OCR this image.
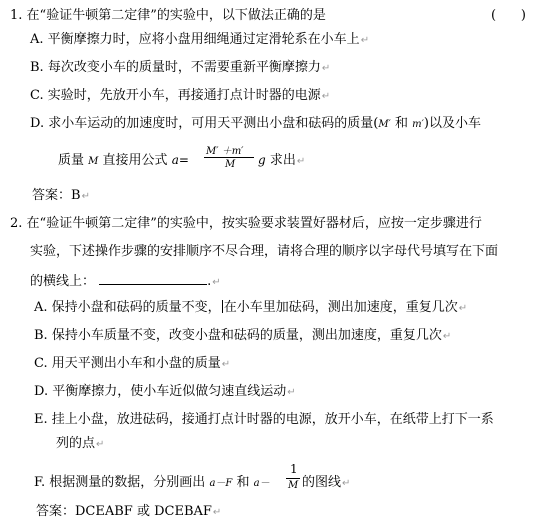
1. 在“验证牛顿第二定律”的实验中，以下做法正确的是	(      )
A. 平衡摩擦力时，应将小盘用细绳通过定滑轮系在小车上↵
B. 每次改变小车的质量时，不需要重新平衡摩擦力↵
C. 实验时，先放开小车，再接通打点计时器的电源↵
D. 求小车运动的加速度时，可用天平测出小盘和砝码的质量(M′ 和 m′)以及小车
质量 M 直接用公式 a=
M′ ＋m′
M g 求出↵
答案：B↵
2. 在“验证牛顿第二定律”的实验中，按实验要求装置好器材后，应按一定步骤进行
实验，下述操作步骤的安排顺序不尽合理，请将合理的顺序以字母代号填写在下面
的横线上：	.↵
A. 保持小盘和砝码的质量不变， 在小车里加砝码，测出加速度，重复几次↵
B. 保持小车质量不变，改变小盘和砝码的质量，测出加速度，重复几次↵
C. 用天平测出小车和小盘的质量↵
D. 平衡摩擦力，使小车近似做匀速直线运动↵
E. 挂上小盘，放进砝码，接通打点计时器的电源，放开小车，在纸带上打下一系
列的点↵
F. 根据测量的数据，分别画出 a－F 和 a－
1
M 的图线↵
答案：DCEABF 或 DCEBAF↵
